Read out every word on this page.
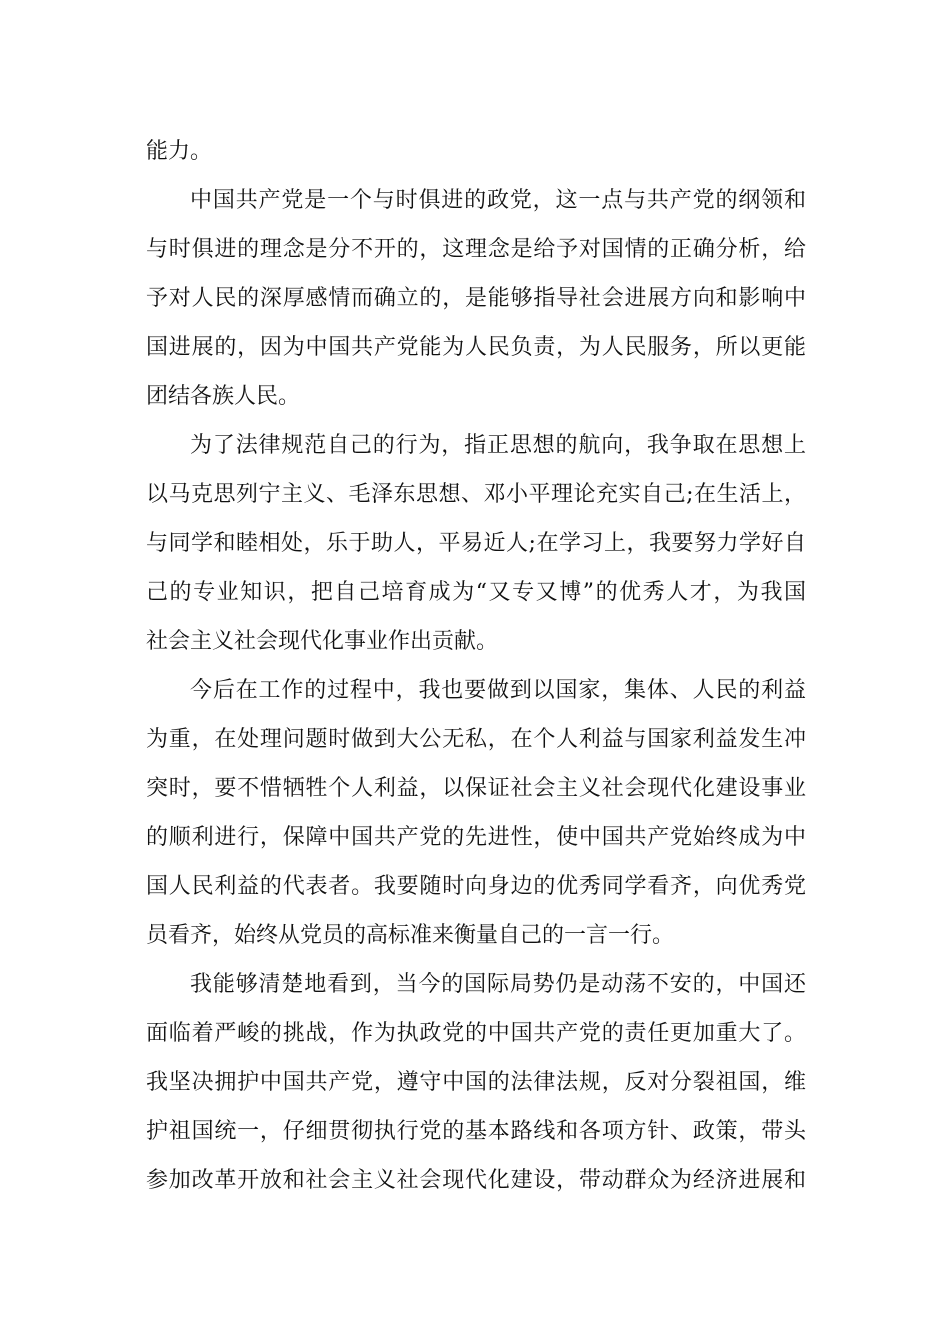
能力。
中国共产党是一个与时俱进的政党，这一点与共产党的纲领和
与时俱进的理念是分不开的，这理念是给予对国情的正确分析，给
予对人民的深厚感情而确立的，是能够指导社会进展方向和影响中
国进展的，因为中国共产党能为人民负责，为人民服务，所以更能
团结各族人民。
为了法律规范自己的行为，指正思想的航向，我争取在思想上
以马克思列宁主义、毛泽东思想、邓小平理论充实自己;在生活上，
与同学和睦相处，乐于助人，平易近人;在学习上，我要努力学好自
己的专业知识，把自己培育成为“又专又博”的优秀人才，为我国
社会主义社会现代化事业作出贡献。
今后在工作的过程中，我也要做到以国家，集体、人民的利益
为重，在处理问题时做到大公无私，在个人利益与国家利益发生冲
突时，要不惜牺牲个人利益，以保证社会主义社会现代化建设事业
的顺利进行，保障中国共产党的先进性，使中国共产党始终成为中
国人民利益的代表者。我要随时向身边的优秀同学看齐，向优秀党
员看齐，始终从党员的高标准来衡量自己的一言一行。
我能够清楚地看到，当今的国际局势仍是动荡不安的，中国还
面临着严峻的挑战，作为执政党的中国共产党的责任更加重大了。
我坚决拥护中国共产党，遵守中国的法律法规，反对分裂祖国，维
护祖国统一，仔细贯彻执行党的基本路线和各项方针、政策，带头
参加改革开放和社会主义社会现代化建设，带动群众为经济进展和
